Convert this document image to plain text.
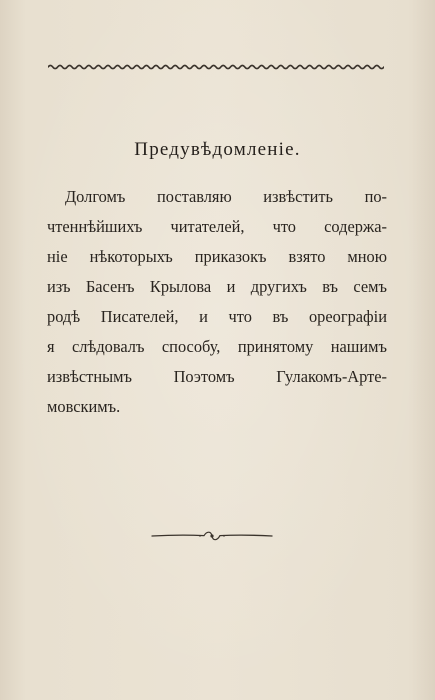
Предувѣдомленіе.
Долгомъ поставляю извѣстить по-
чтеннѣйшихъ читателей, что содержа-
ніе нѣкоторыхъ приказокъ взято мною
изъ Басенъ Крылова и другихъ въ семъ
родѣ Писателей, и что въ ореографіи
я слѣдовалъ способу, принятому нашимъ
извѣстнымъ Поэтомъ Гулакомъ-Арте-
мовскимъ.
